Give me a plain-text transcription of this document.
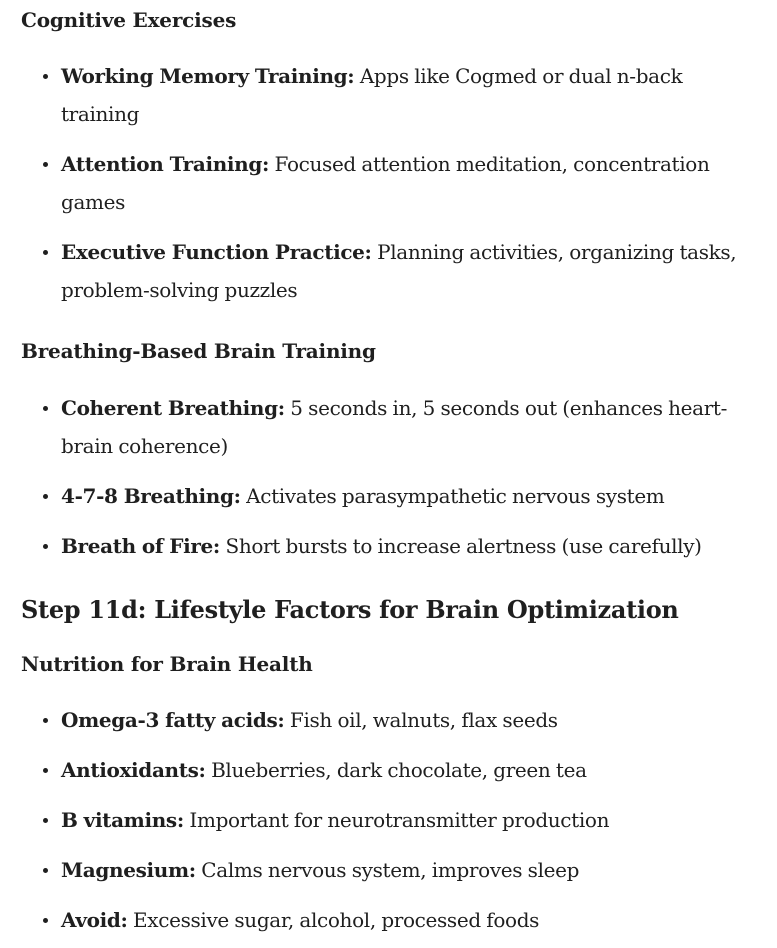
Cognitive Exercises
Working Memory Training: Apps like Cogmed or dual n-back training
Attention Training: Focused attention meditation, concentration games
Executive Function Practice: Planning activities, organizing tasks, problem-solving puzzles
Breathing-Based Brain Training
Coherent Breathing: 5 seconds in, 5 seconds out (enhances heart-brain coherence)
4-7-8 Breathing: Activates parasympathetic nervous system
Breath of Fire: Short bursts to increase alertness (use carefully)
Step 11d: Lifestyle Factors for Brain Optimization
Nutrition for Brain Health
Omega-3 fatty acids: Fish oil, walnuts, flax seeds
Antioxidants: Blueberries, dark chocolate, green tea
B vitamins: Important for neurotransmitter production
Magnesium: Calms nervous system, improves sleep
Avoid: Excessive sugar, alcohol, processed foods
